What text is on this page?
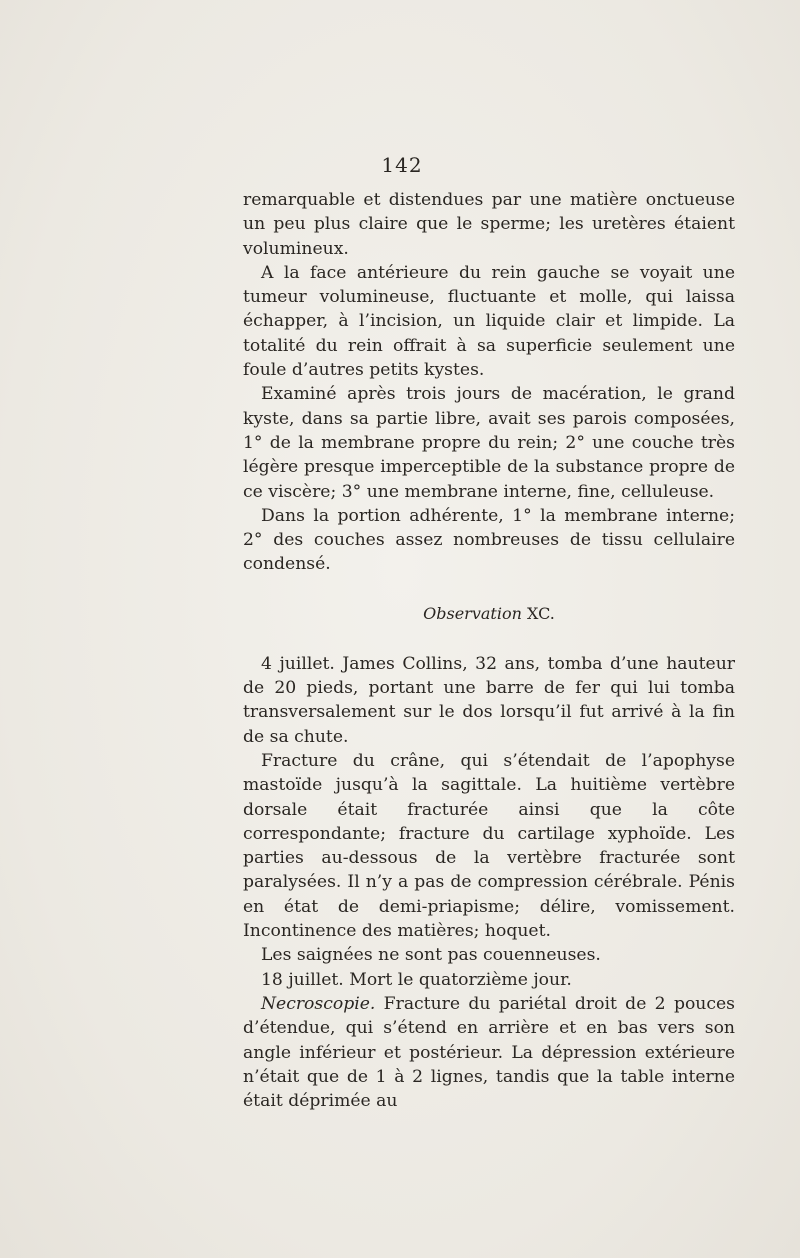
142

remarquable et distendues par une matière onctueuse un peu plus claire que le sperme; les uretères étaient volumineux.

A la face antérieure du rein gauche se voyait une tumeur volumineuse, fluctuante et molle, qui laissa échapper, à l’incision, un liquide clair et limpide. La totalité du rein offrait à sa superficie seulement une foule d’autres petits kystes.

Examiné après trois jours de macération, le grand kyste, dans sa partie libre, avait ses parois composées, 1° de la membrane propre du rein; 2° une couche très légère presque imperceptible de la substance propre de ce viscère; 3° une membrane interne, fine, celluleuse.

Dans la portion adhérente, 1° la membrane interne; 2° des couches assez nombreuses de tissu cellulaire condensé.

Observation XC.

4 juillet. James Collins, 32 ans, tomba d’une hauteur de 20 pieds, portant une barre de fer qui lui tomba transversalement sur le dos lorsqu’il fut arrivé à la fin de sa chute.

Fracture du crâne, qui s’étendait de l’apophyse mastoïde jusqu’à la sagittale. La huitième vertèbre dorsale était fracturée ainsi que la côte correspondante; fracture du cartilage xyphoïde. Les parties au-dessous de la vertèbre fracturée sont paralysées. Il n’y a pas de compression cérébrale. Pénis en état de demi-priapisme; délire, vomissement. Incontinence des matières; hoquet.

Les saignées ne sont pas couenneuses.

18 juillet. Mort le quatorzième jour.

Necroscopie. Fracture du pariétal droit de 2 pouces d’étendue, qui s’étend en arrière et en bas vers son angle inférieur et postérieur. La dépression extérieure n’était que de 1 à 2 lignes, tandis que la table interne était déprimée au
